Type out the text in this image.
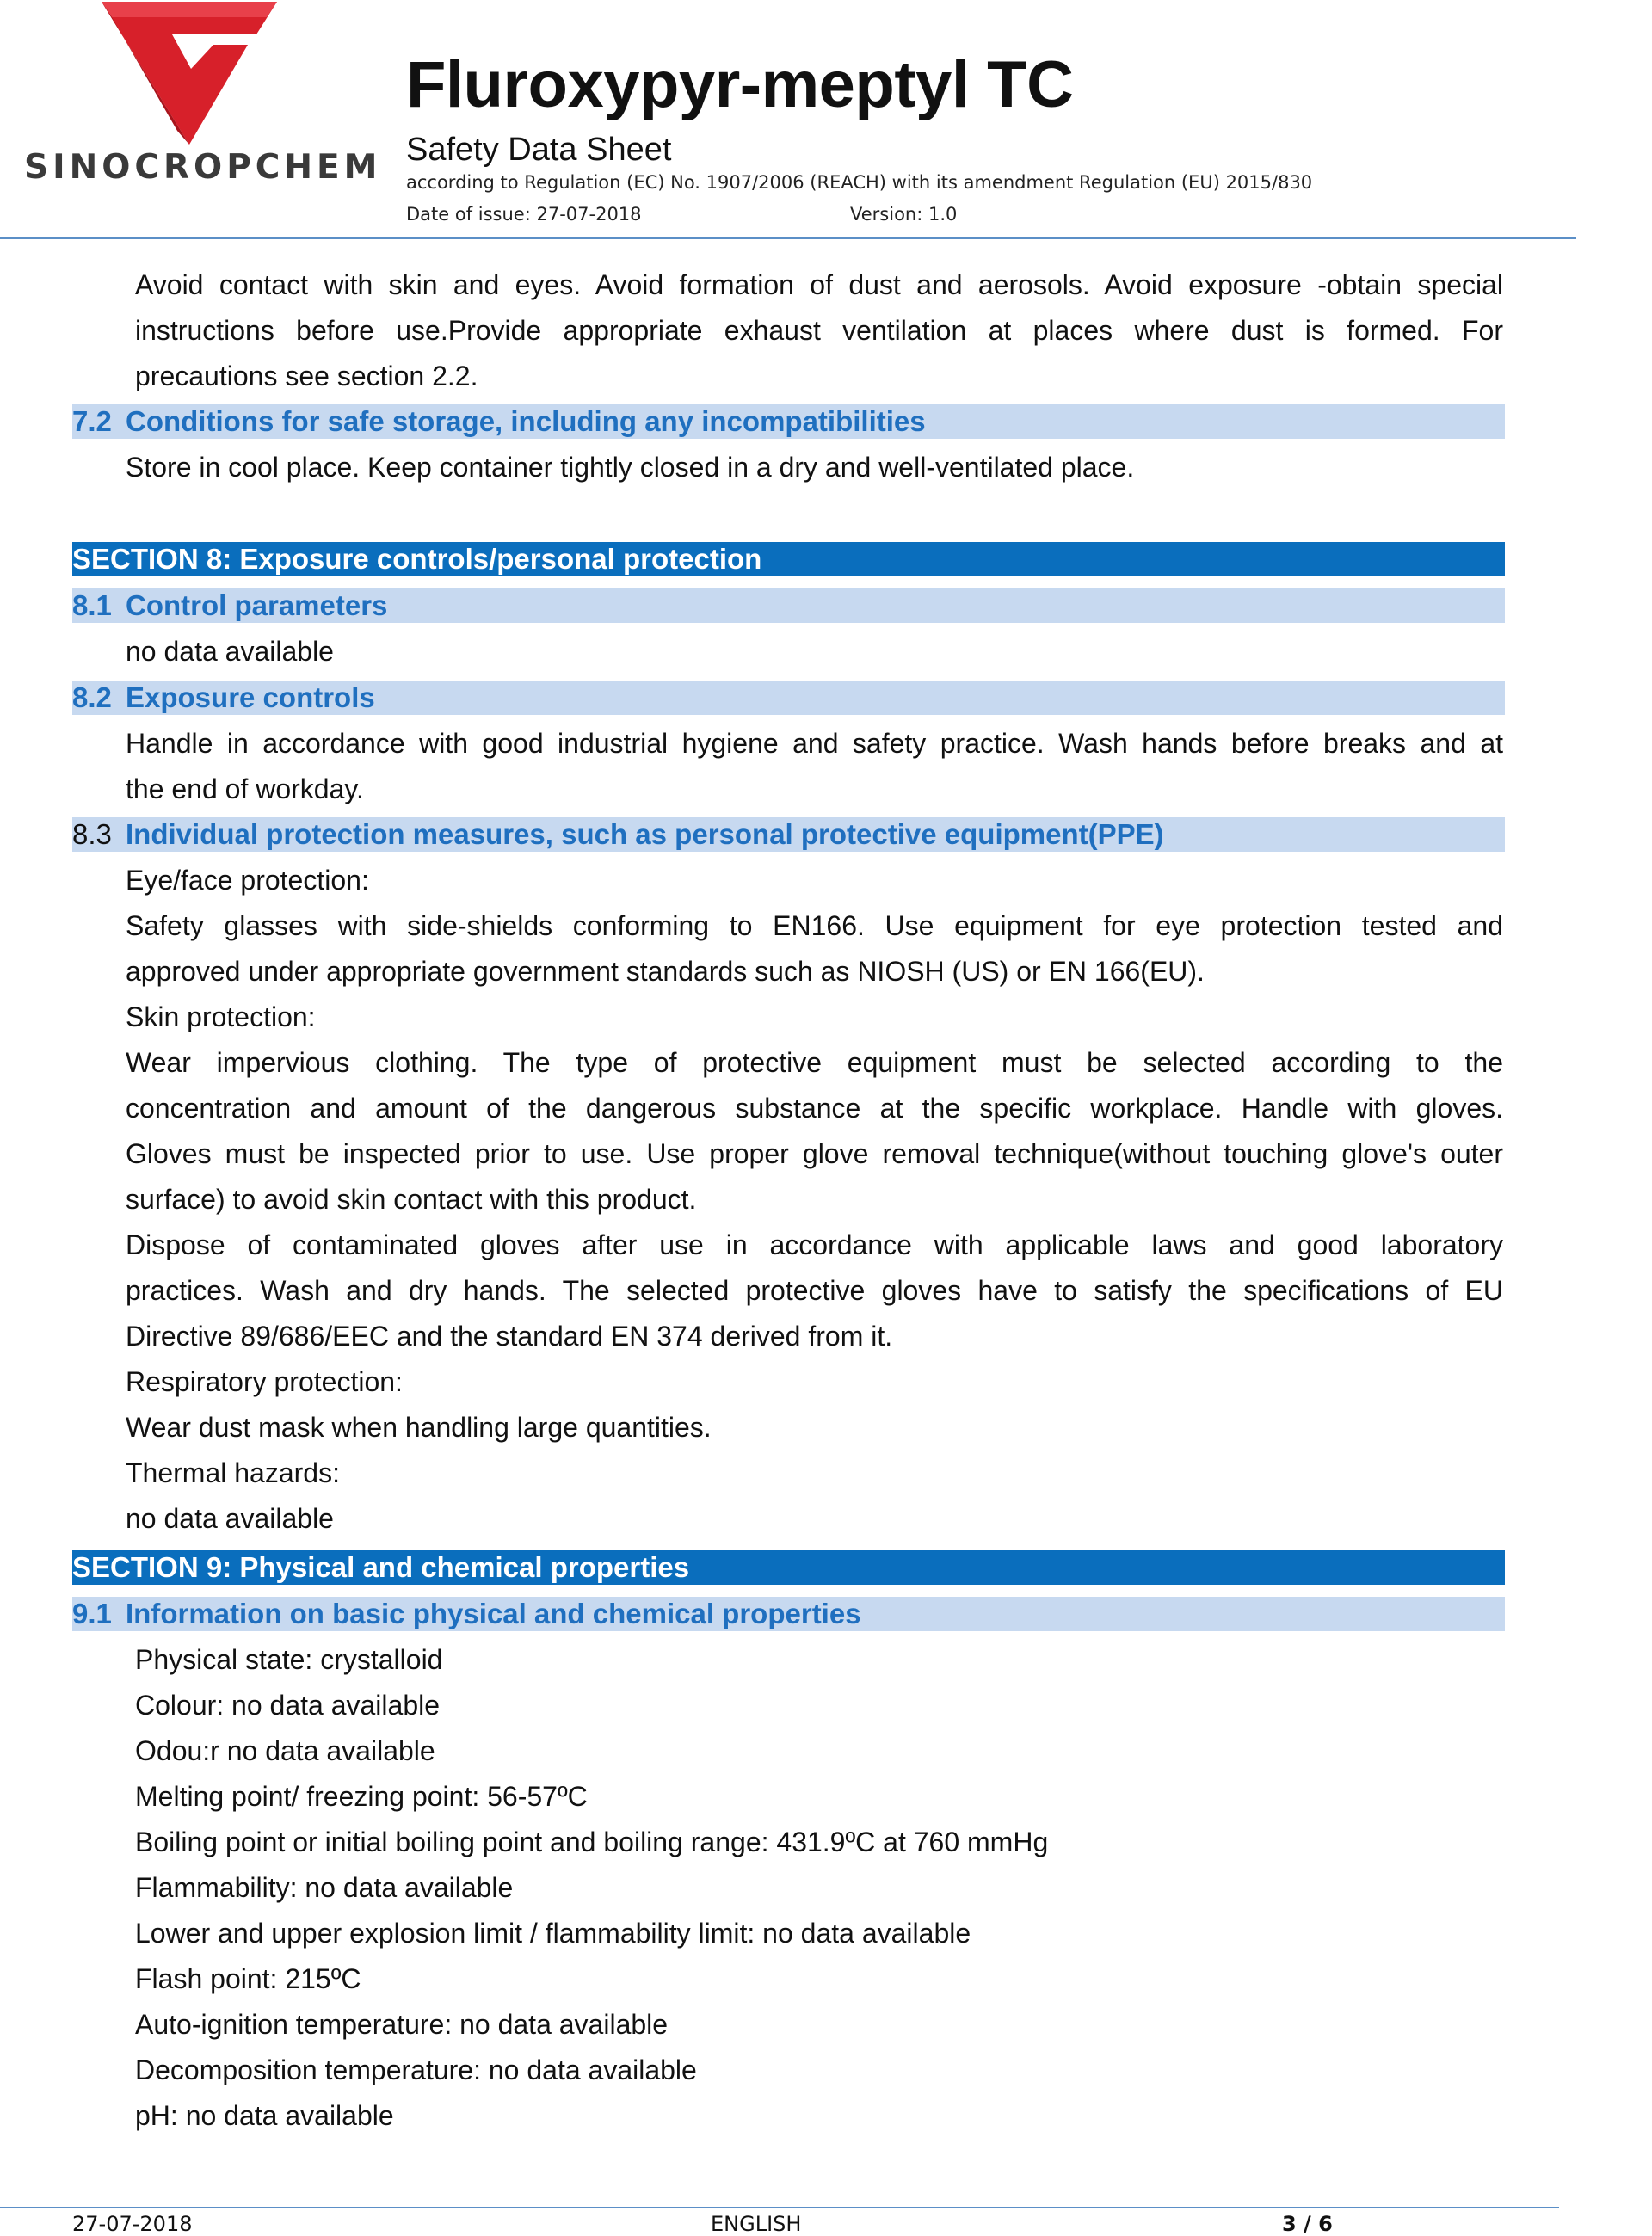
SINOCROPCHEM
Fluroxypyr-meptyl TC
Safety Data Sheet
according to Regulation (EC) No. 1907/2006 (REACH) with its amendment Regulation (EU) 2015/830
Date of issue: 27-07-2018	Version: 1.0
Avoid contact with skin and eyes. Avoid formation of dust and aerosols. Avoid exposure -obtain special
instructions before use.Provide appropriate exhaust ventilation at places where dust is formed. For
precautions see section 2.2.
7.2 Conditions for safe storage, including any incompatibilities
Store in cool place. Keep container tightly closed in a dry and well-ventilated place.
SECTION 8: Exposure controls/personal protection
8.1 Control parameters
no data available
8.2 Exposure controls
Handle in accordance with good industrial hygiene and safety practice. Wash hands before breaks and at
the end of workday.
8.3 Individual protection measures, such as personal protective equipment(PPE)
Eye/face protection:
Safety glasses with side-shields conforming to EN166. Use equipment for eye protection tested and
approved under appropriate government standards such as NIOSH (US) or EN 166(EU).
Skin protection:
Wear impervious clothing. The type of protective equipment must be selected according to the
concentration and amount of the dangerous substance at the specific workplace. Handle with gloves.
Gloves must be inspected prior to use. Use proper glove removal technique(without touching glove's outer
surface) to avoid skin contact with this product.
Dispose of contaminated gloves after use in accordance with applicable laws and good laboratory
practices. Wash and dry hands. The selected protective gloves have to satisfy the specifications of EU
Directive 89/686/EEC and the standard EN 374 derived from it.
Respiratory protection:
Wear dust mask when handling large quantities.
Thermal hazards:
no data available
SECTION 9: Physical and chemical properties
9.1 Information on basic physical and chemical properties
Physical state: crystalloid
Colour: no data available
Odou:r no data available
Melting point/ freezing point: 56-57ºC
Boiling point or initial boiling point and boiling range: 431.9ºC at 760 mmHg
Flammability: no data available
Lower and upper explosion limit / flammability limit: no data available
Flash point: 215ºC
Auto-ignition temperature: no data available
Decomposition temperature: no data available
pH: no data available
27-07-2018	ENGLISH	3 / 6
